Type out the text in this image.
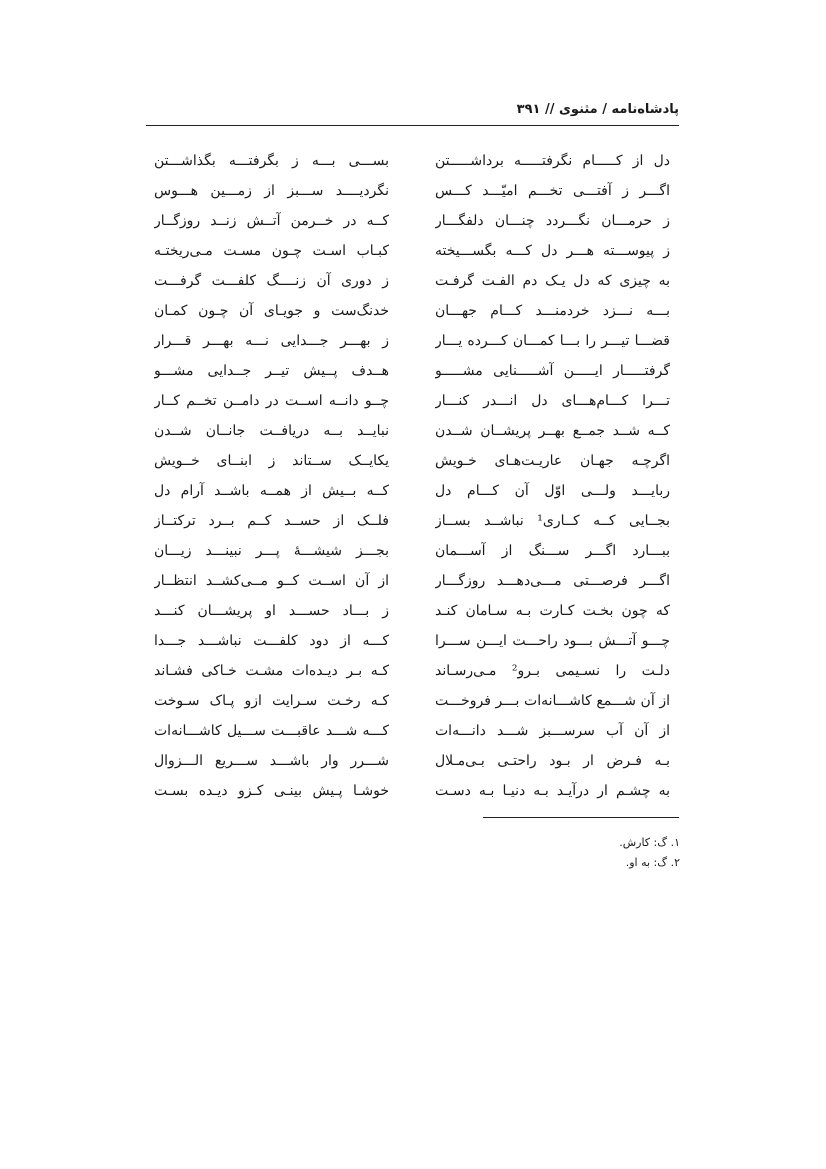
پادشاه‌نامه / مثنوی // ۳۹۱
دل از کـــــام نگرفتـــــه برداشـــــتن
بســـی بـــه ز بگرفتـــه بگذاشـــتن
اگـــر ز آفتـــی تخـــم امیّـــد کـــس
نگردیــــد ســـبز از زمـــین هـــوس
ز حرمـــان نگـــردد چنـــان دلفگـــار
کــه در خــرمن آتــش زنــد روزگــار
ز پیوســـته هـــر دل کـــه بگســـیخته
کبـاب اسـت چـون مسـت مـی‌ریختـه
به چیزی که دل یـک دم الفـت گرفـت
ز دوری آن زنــــگ کلفـــت گرفـــت
بـــه نـــزد خردمنـــد کـــام جهـــان
خدنگ‌ست و جویـای آن چـون کمـان
قضـــا تیـــر را بـــا کمـــان کـــرده یـــار
ز بهـــر جـــدایی نـــه بهـــر قـــرار
گرفتـــــار ایـــــن آشـــــنایی مشـــــو
هــدف پــیش تیــر جــدایی مشـــو
تـــرا کـــام‌هـــای دل انـــدر کنـــار
چــو دانــه اســت در دامــن تخــم کــار
کــه شــد جمــع بهــر پریشــان شــدن
نبایــد بــه دریافــت جانــان شــدن
اگرچـه جهـان عاریـت‌هـای خـویش
یکایــک ســتاند ز ابنــای خــویش
ربایـــد ولـــی اوّل آن کـــام دل
کــه بــیش از همــه باشــد آرام دل
بجــایی کــه کــاری¹ نباشــد بســاز
فلــک از حســد کــم بــرد ترکتــاز
ببـــارد اگـــر ســـنگ از آســـمان
بجـــز شیشـــۀ پـــر نبینـــد زیـــان
اگـــر فرصـــتی مـــی‌دهـــد روزگـــار
از آن اســت کــو مــی‌کشــد انتظــار
که چون بخـت کـارت بـه سـامان کنـد
ز بـــاد حســـد او پریشـــان کنـــد
چـــو آتـــش بـــود راحـــت ایـــن ســـرا
کـــه از دود کلفـــت نباشـــد جـــدا
دلـت را نسـیمی بـرو² مـی‌رسـاند
کـه بـر دیـده‌ات مشـت خـاکی فشـاند
از آن شـــمع کاشـــانه‌ات بـــر فروخـــت
کـه رخـت سـرایت ازو پـاک سـوخت
از آن آب سرســـبز شـــد دانـــه‌ات
کـــه شـــد عاقبـــت ســـیل کاشـــانه‌ات
بـه فـرض ار بـود راحتـی بـی‌مـلال
شـــرر وار باشـــد ســـریع الـــزوال
به چشـم ار درآیـد بـه دنیـا بـه دسـت
خوشـا پـیش بینـی کـزو دیـده بسـت
۱. گ: کارش.
۲. گ: به او.
